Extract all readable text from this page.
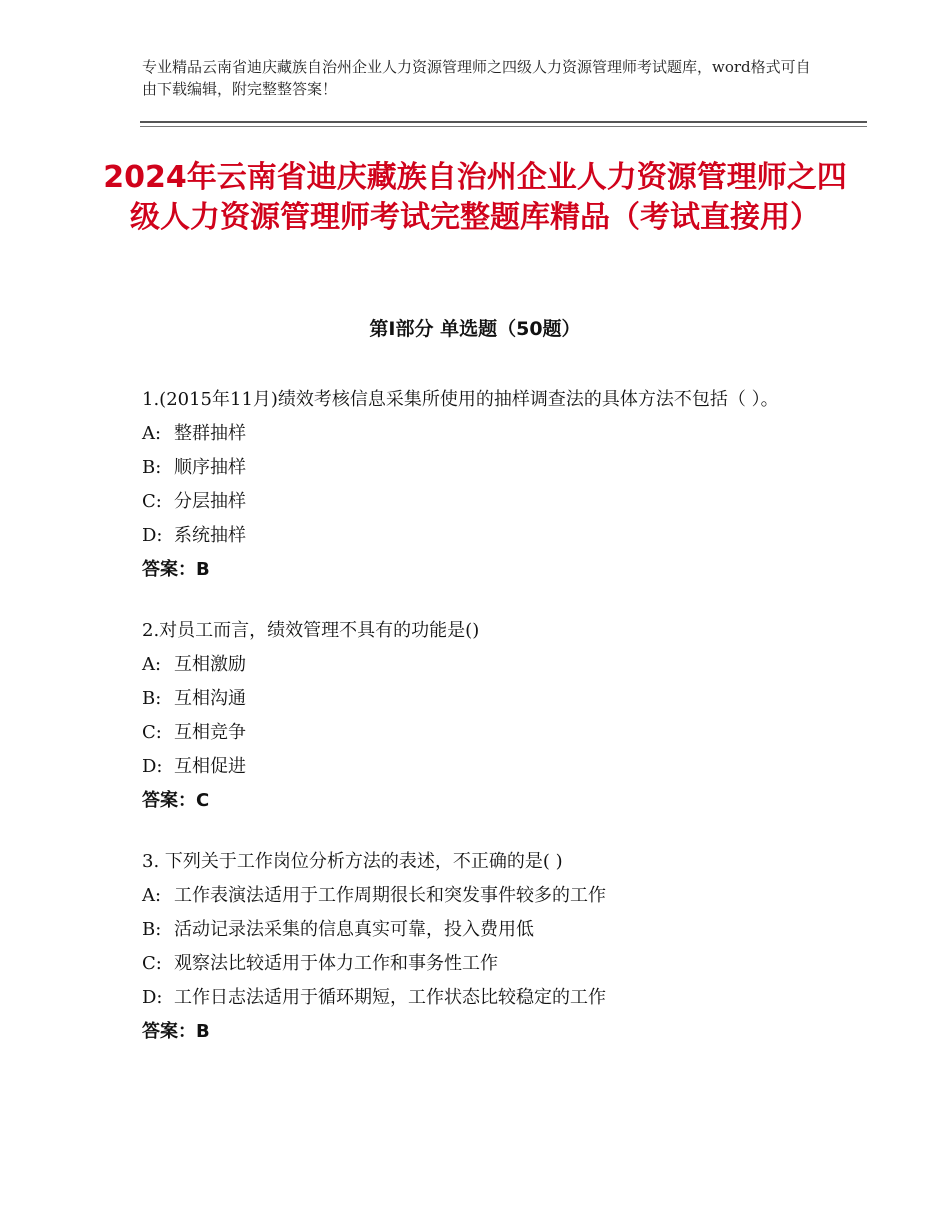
专业精品云南省迪庆藏族自治州企业人力资源管理师之四级人力资源管理师考试题库，word格式可自由下载编辑，附完整整答案！
2024年云南省迪庆藏族自治州企业人力资源管理师之四级人力资源管理师考试完整题库精品（考试直接用）
第Ⅰ部分 单选题（50题）
1.(2015年11月)绩效考核信息采集所使用的抽样调查法的具体方法不包括（ ）。
A: 整群抽样
B: 顺序抽样
C: 分层抽样
D: 系统抽样
答案：B
2.对员工而言，绩效管理不具有的功能是()
A: 互相激励
B: 互相沟通
C: 互相竞争
D: 互相促进
答案：C
3. 下列关于工作岗位分析方法的表述，不正确的是( )
A: 工作表演法适用于工作周期很长和突发事件较多的工作
B: 活动记录法采集的信息真实可靠，投入费用低
C: 观察法比较适用于体力工作和事务性工作
D: 工作日志法适用于循环期短，工作状态比较稳定的工作
答案：B
